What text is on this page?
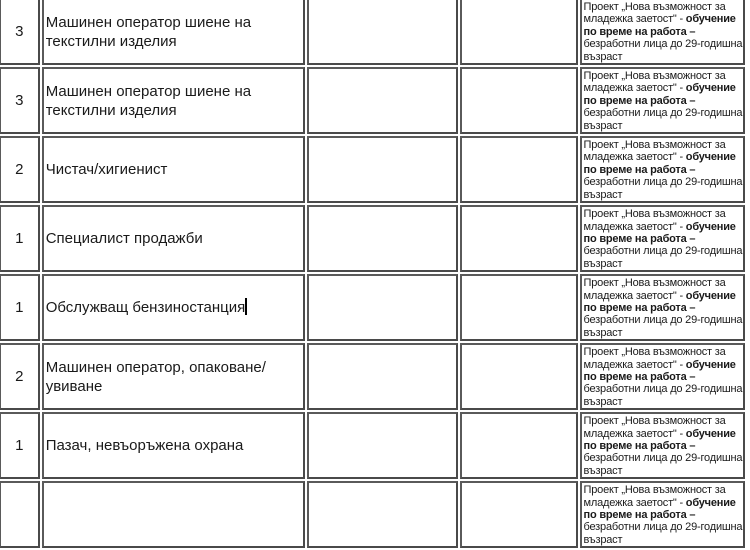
3	Машинен оператор шиене на текстилни изделия			Проект „Нова възможност за младежка заетост" - обучение по време на работа – безработни лица до 29-годишна възраст
3	Машинен оператор шиене на текстилни изделия			Проект „Нова възможност за младежка заетост" - обучение по време на работа – безработни лица до 29-годишна възраст
2	Чистач/хигиенист			Проект „Нова възможност за младежка заетост" - обучение по време на работа – безработни лица до 29-годишна възраст
1	Специалист продажби			Проект „Нова възможност за младежка заетост" - обучение по време на работа – безработни лица до 29-годишна възраст
1	Обслужващ бензиностанция			Проект „Нова възможност за младежка заетост" - обучение по време на работа – безработни лица до 29-годишна възраст
2	Машинен оператор, опаковане/увиване			Проект „Нова възможност за младежка заетост" - обучение по време на работа – безработни лица до 29-годишна възраст
1	Пазач, невъоръжена охрана			Проект „Нова възможност за младежка заетост" - обучение по време на работа – безработни лица до 29-годишна възраст
				Проект „Нова възможност за младежка заетост" - обучение по време на работа – безработни лица до 29-годишна възраст
